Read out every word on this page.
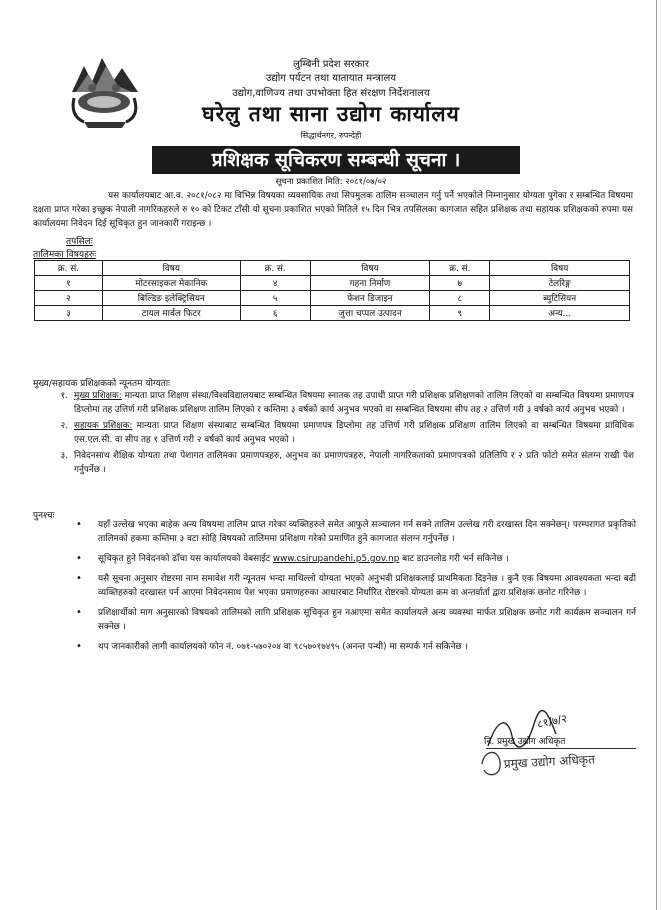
लुम्बिनी प्रदेश सरकार
उद्योग पर्यटन तथा यातायात मन्त्रालय
उद्योग,वाणिज्य तथा उपभोक्ता हित संरक्षण निर्देशनालय
घरेलु तथा साना उद्योग कार्यालय
सिद्धार्थनगर, रुपन्देही
प्रशिक्षक सूचिकरण सम्बन्धी सूचना ।
सूचना प्रकाशित मिति: २०८१/०७/०२

यस कार्यालयबाट आ.व. २०८१/०८२ मा विभिन्न विषयका व्यवसायिक तथा सिपमुलक तालिम सञ्चालन गर्नु पर्ने भएकोले निम्नानुसार योग्यता पुगेका र सम्बन्धित विषयमा दक्षता प्राप्त गरेका इच्छुक नेपाली नागरिकहरुले रु १० को टिकट टाँसी यो सुचना प्रकाशित भएको मितिले १५ दिन भित्र तपसिलका कागजात सहित प्रशिक्षक तथा सहायक प्रशिक्षकको रुपमा यस कार्यालयमा निवेदन दिई सूचिकृत हुन जानकारी गराइन्छ ।

तपसिलः
तालिमका विषयहरुः
क्र. सं.	विषय	क्र. सं.	विषय	क्र. सं.	विषय
१	मोटरसाइकल मेकानिक	४	गहना निर्माण	७	टेलरिङ्ग
२	बिल्डिङ इलेक्ट्रिसियन	५	फेशन डिजाइन	८	ब्युटिसियन
३	टायल मार्वल फिटर	६	जुत्ता चप्पल उत्पादन	९	अन्य...
मुख्य/सहायक प्रशिक्षकको न्यूनतम योग्यताः
१. मुख्य प्रशिक्षक: मान्यता प्राप्त शिक्षण संस्था/विश्वविद्यालयबाट सम्बन्धित विषयमा स्नातक तह उपाधी प्राप्त गरी प्रशिक्षक प्रशिक्षणको तालिम लिएको वा सम्बन्धित विषयमा प्रमाणपत्र डिप्लोमा तह उत्तिर्ण गरी प्रशिक्षक प्रशिक्षण तालिम लिएको र कम्तिमा ३ वर्षको कार्य अनुभव भएको वा सम्बन्धित विषयमा सीप तह २ उत्तिर्ण गरी ३ वर्षको कार्य अनुभव भएको ।
२. सहायक प्रशिक्षक: मान्यता प्राप्त शिक्षण संस्थाबाट सम्बन्धित विषयमा प्रमाणपत्र डिप्लोमा तह उत्तिर्ण गरी प्रशिक्षक प्रशिक्षण तालिम लिएको वा सम्बन्धित विषयमा प्राविधिक एस.एल.सी. वा सीप तह १ उत्तिर्ण गरी २ वर्षको कार्य अनुभव भएको ।
३. निवेदनसाथ शैक्षिक योग्यता तथा पेशागत तालिमका प्रमाणपत्रहरु, अनुभव का प्रमाणपत्रहरु, नेपाली नागरिकताको प्रमाणपत्रको प्रतिलिपि र २ प्रति फोटो समेत संलग्न राखी पेश गर्नुपर्नेछ ।
पुनश्चः
•	यहाँ उल्लेख भएका बाहेक अन्य विषयमा तालिम प्राप्त गरेका व्यक्तिहरुले समेत आफुले सञ्चालन गर्न सक्ने तालिम उल्लेख गरी दरखास्त दिन सक्नेछन्। परम्परागत प्रकृतिको तालिमको हकमा कम्तिमा ३ वटा सोहि विषयको तालिममा प्रशिक्षण गरेको प्रमाणित हुने कागजात संलग्न गर्नुपर्नेछ ।
•	सूचिकृत हुने निवेदनको ढाँचा यस कार्यालयको वेबसाईट www.csirupandehi.p5.gov.np बाट डाउनलोड गरी भर्न सकिनेछ ।
•	यसै सूचना अनुसार रोष्टरमा नाम समावेश गरी न्यूनतम भन्दा माथिल्लो योग्यता भएको अनुभवी प्रशिक्षकलाई प्राथमिकता दिइनेछ । कुनै एक विषयमा आवश्यकता भन्दा बढी व्यक्तिहरुको दरखास्त पर्न आएमा निवेदनसाथ पेश भएका प्रमाणहरुका आधारबाट निर्धारित रोष्टरको योग्यता क्रम वा अन्तर्वार्ता द्वारा प्रशिक्षक छनोट गरिनेछ ।
•	प्रशिक्षार्थीको माग अनुसारको विषयको तालिमको लागि प्रशिक्षक सूचिकृत हुन नआएमा समेत कार्यालयले अन्य व्यवस्था मार्फत प्रशिक्षक छनोट गरी कार्यक्रम सञ्चालन गर्न सक्नेछ ।
•	थप जानकारीको लागी कार्यालयको फोन नं. ०७१-५७०२०४ वा ९८५७०१७४९५ (अनन्त पन्थी) मा सम्पर्क गर्न सकिनेछ ।
८१/७/२
नि. प्रमुख उद्योग अधिकृत
प्रमुख उद्योग अधिकृत
